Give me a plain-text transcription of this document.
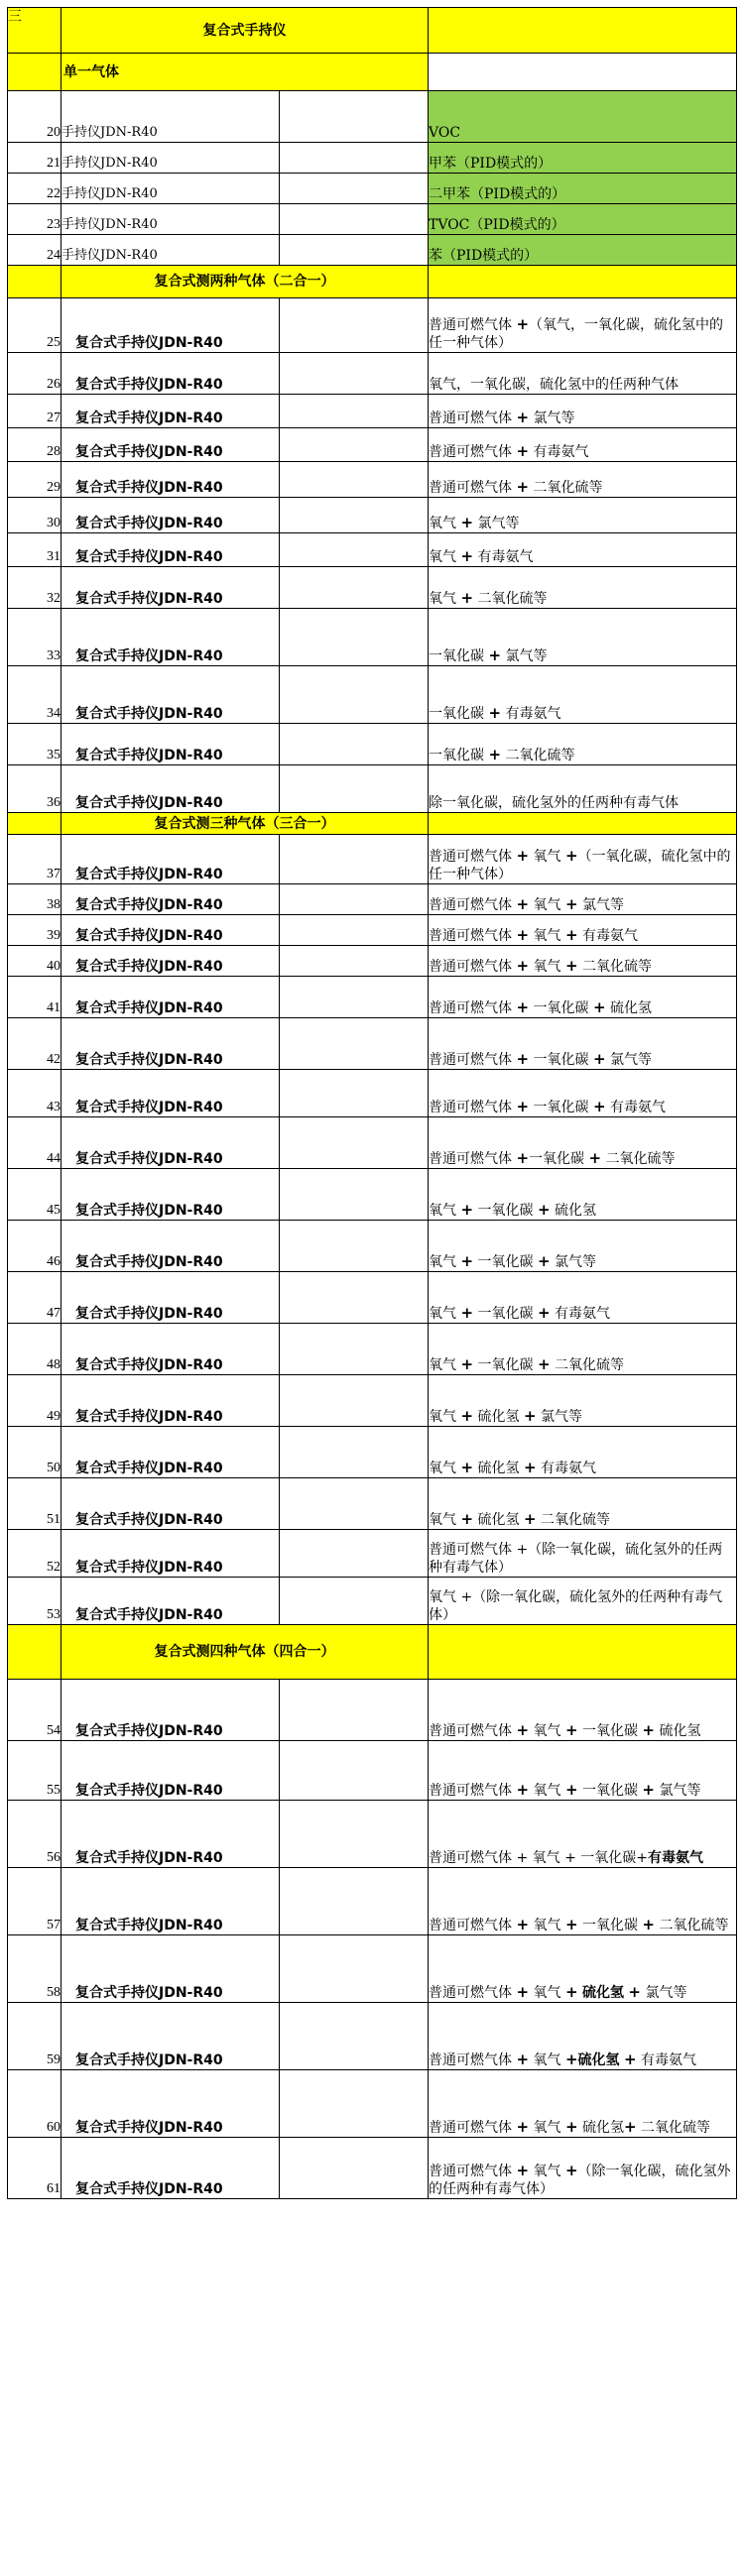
三	复合式手持仪		
	单一气体		
20	手持仪JDN-R40		VOC
21	手持仪JDN-R40		甲苯（PID模式的）
22	手持仪JDN-R40		二甲苯（PID模式的）
23	手持仪JDN-R40		TVOC（PID模式的）
24	手持仪JDN-R40		苯（PID模式的）
	复合式测两种气体（二合一）		
25	复合式手持仪JDN-R40		普通可燃气体 +（氧气，一氧化碳，硫化氢中的任一种气体）
26	复合式手持仪JDN-R40		氧气，一氧化碳，硫化氢中的任两种气体
27	复合式手持仪JDN-R40		普通可燃气体 + 氯气等
28	复合式手持仪JDN-R40		普通可燃气体 + 有毒氨气
29	复合式手持仪JDN-R40		普通可燃气体 + 二氧化硫等
30	复合式手持仪JDN-R40		氧气 + 氯气等
31	复合式手持仪JDN-R40		氧气 + 有毒氨气
32	复合式手持仪JDN-R40		氧气 + 二氧化硫等
33	复合式手持仪JDN-R40		一氧化碳 + 氯气等
34	复合式手持仪JDN-R40		一氧化碳 + 有毒氨气
35	复合式手持仪JDN-R40		一氧化碳 + 二氧化硫等
36	复合式手持仪JDN-R40		除一氧化碳，硫化氢外的任两种有毒气体
	复合式测三种气体（三合一）		
37	复合式手持仪JDN-R40		普通可燃气体 + 氧气 +（一氧化碳，硫化氢中的任一种气体）
38	复合式手持仪JDN-R40		普通可燃气体 + 氧气 + 氯气等
39	复合式手持仪JDN-R40		普通可燃气体 + 氧气 + 有毒氨气
40	复合式手持仪JDN-R40		普通可燃气体 + 氧气 + 二氧化硫等
41	复合式手持仪JDN-R40		普通可燃气体 + 一氧化碳 + 硫化氢
42	复合式手持仪JDN-R40		普通可燃气体 + 一氧化碳 + 氯气等
43	复合式手持仪JDN-R40		普通可燃气体 + 一氧化碳 + 有毒氨气
44	复合式手持仪JDN-R40		普通可燃气体 +一氧化碳 + 二氧化硫等
45	复合式手持仪JDN-R40		氧气 + 一氧化碳 + 硫化氢
46	复合式手持仪JDN-R40		氧气 + 一氧化碳 + 氯气等
47	复合式手持仪JDN-R40		氧气 + 一氧化碳 + 有毒氨气
48	复合式手持仪JDN-R40		氧气 + 一氧化碳 + 二氧化硫等
49	复合式手持仪JDN-R40		氧气 + 硫化氢 + 氯气等
50	复合式手持仪JDN-R40		氧气 + 硫化氢 + 有毒氨气
51	复合式手持仪JDN-R40		氧气 + 硫化氢 + 二氧化硫等
52	复合式手持仪JDN-R40		普通可燃气体 +（除一氧化碳，硫化氢外的任两种有毒气体）
53	复合式手持仪JDN-R40		氧气 +（除一氧化碳，硫化氢外的任两种有毒气体）
	复合式测四种气体（四合一）		
54	复合式手持仪JDN-R40		普通可燃气体 + 氧气 + 一氧化碳 + 硫化氢
55	复合式手持仪JDN-R40		普通可燃气体 + 氧气 + 一氧化碳 + 氯气等
56	复合式手持仪JDN-R40		普通可燃气体 + 氧气 + 一氧化碳+有毒氨气
57	复合式手持仪JDN-R40		普通可燃气体 + 氧气 + 一氧化碳 + 二氧化硫等
58	复合式手持仪JDN-R40		普通可燃气体 + 氧气 + 硫化氢 + 氯气等
59	复合式手持仪JDN-R40		普通可燃气体 + 氧气 +硫化氢 + 有毒氨气
60	复合式手持仪JDN-R40		普通可燃气体 + 氧气 + 硫化氢+ 二氧化硫等
61	复合式手持仪JDN-R40		普通可燃气体 + 氧气 +（除一氧化碳，硫化氢外的任两种有毒气体）
